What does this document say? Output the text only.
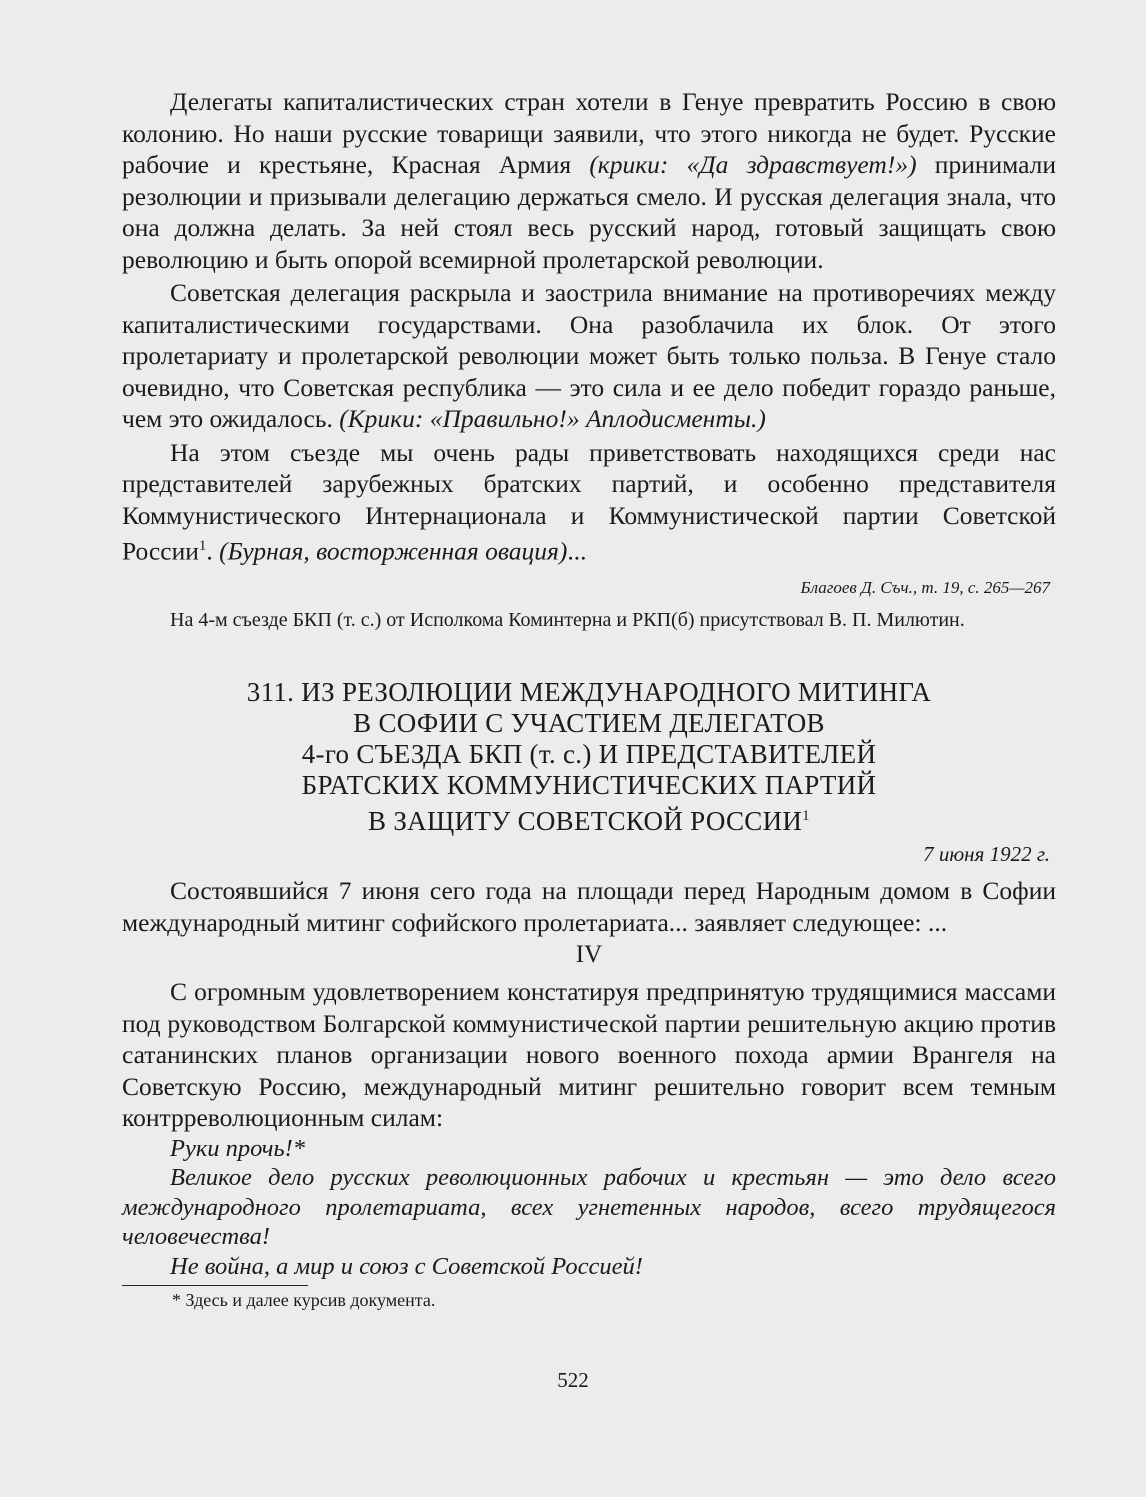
Делегаты капиталистических стран хотели в Генуе превратить Россию в свою колонию. Но наши русские товарищи заявили, что этого никогда не будет. Русские рабочие и крестьяне, Красная Армия (крики: «Да здравствует!») принимали резолюции и призывали делегацию держаться смело. И русская делегация знала, что она должна делать. За ней стоял весь русский народ, готовый защищать свою революцию и быть опорой всемирной пролетарской революции.

Советская делегация раскрыла и заострила внимание на противоречиях между капиталистическими государствами. Она разоблачила их блок. От этого пролетариату и пролетарской революции может быть только польза. В Генуе стало очевидно, что Советская республика — это сила и ее дело победит гораздо раньше, чем это ожидалось. (Крики: «Правильно!» Аплодисменты.)

На этом съезде мы очень рады приветствовать находящихся среди нас представителей зарубежных братских партий, и особенно представителя Коммунистического Интернационала и Коммунистической партии Советской России$^1$. (Бурная, восторженная овация)...

Благоев Д. Съч., т. 19, с. 265—267

На 4-м съезде БКП (т. с.) от Исполкома Коминтерна и РКП(б) присутствовал В. П. Милютин.

311. ИЗ РЕЗОЛЮЦИИ МЕЖДУНАРОДНОГО МИТИНГА
В СОФИИ С УЧАСТИЕМ ДЕЛЕГАТОВ
4-го СЪЕЗДА БКП (т. с.) И ПРЕДСТАВИТЕЛЕЙ
БРАТСКИХ КОММУНИСТИЧЕСКИХ ПАРТИЙ
В ЗАЩИТУ СОВЕТСКОЙ РОССИИ$^1$
7 июня 1922 г.

Состоявшийся 7 июня сего года на площади перед Народным домом в Софии международный митинг софийского пролетариата... заявляет следующее: ...

IV

С огромным удовлетворением констатируя предпринятую трудящимися массами под руководством Болгарской коммунистической партии решительную акцию против сатанинских планов организации нового военного похода армии Врангеля на Советскую Россию, международный митинг решительно говорит всем темным контрреволюционным силам:

Руки прочь!*

Великое дело русских революционных рабочих и крестьян — это дело всего международного пролетариата, всех угнетенных народов, всего трудящегося человечества!

Не война, а мир и союз с Советской Россией!

* Здесь и далее курсив документа.
522
